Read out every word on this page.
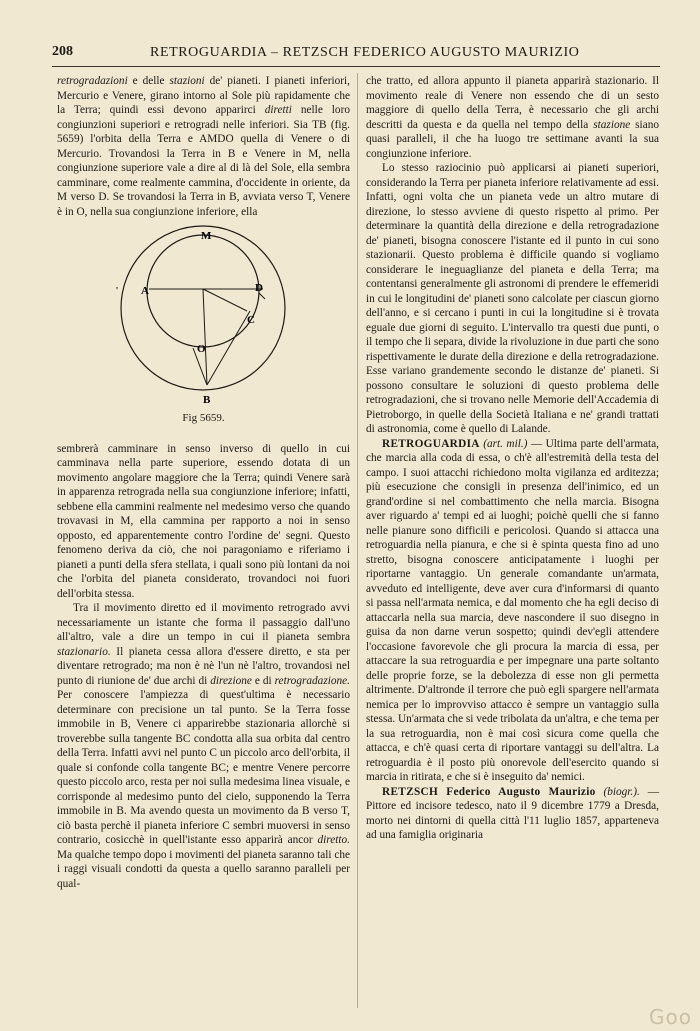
208	RETROGUARDIA – RETZSCH FEDERICO AUGUSTO MAURIZIO

retrogradazioni e delle stazioni de' pianeti. I pianeti inferiori, Mercurio e Venere, girano intorno al Sole più rapidamente che la Terra; quindi essi devono apparirci diretti nelle loro congiunzioni superiori e retrogradi nelle inferiori. Sia TB (fig. 5659) l'orbita della Terra e AMDO quella di Venere o di Mercurio. Trovandosi la Terra in B e Venere in M, nella congiunzione superiore vale a dire al di là del Sole, ella sembra camminare, come realmente cammina, d'occidente in oriente, da M verso D. Se trovandosi la Terra in B, avviata verso T, Venere è in O, nella sua congiunzione inferiore, ella

M
A	D
C
O
B
'
Fig 5659.

sembrerà camminare in senso inverso di quello in cui camminava nella parte superiore, essendo dotata di un movimento angolare maggiore che la Terra; quindi Venere sarà in apparenza retrograda nella sua congiunzione inferiore; infatti, sebbene ella cammini realmente nel medesimo verso che quando trovavasi in M, ella cammina per rapporto a noi in senso opposto, ed apparentemente contro l'ordine de' segni. Questo fenomeno deriva da ciò, che noi paragoniamo e riferiamo i pianeti a punti della sfera stellata, i quali sono più lontani da noi che l'orbita del pianeta considerato, trovandoci noi fuori dell'orbita stessa.

Tra il movimento diretto ed il movimento retrogrado avvi necessariamente un istante che forma il passaggio dall'uno all'altro, vale a dire un tempo in cui il pianeta sembra stazionario. Il pianeta cessa allora d'essere diretto, e sta per diventare retrogrado; ma non è nè l'un nè l'altro, trovandosi nel punto di riunione de' due archi di direzione e di retrogradazione. Per conoscere l'ampiezza di quest'ultima è necessario determinare con precisione un tal punto. Se la Terra fosse immobile in B, Venere ci apparirebbe stazionaria allorchè si troverebbe sulla tangente BC condotta alla sua orbita dal centro della Terra. Infatti avvi nel punto C un piccolo arco dell'orbita, il quale si confonde colla tangente BC; e mentre Venere percorre questo piccolo arco, resta per noi sulla medesima linea visuale, e corrisponde al medesimo punto del cielo, supponendo la Terra immobile in B. Ma avendo questa un movimento da B verso T, ciò basta perchè il pianeta inferiore C sembri muoversi in senso contrario, cosicchè in quell'istante esso apparirà ancor diretto. Ma qualche tempo dopo i movimenti del pianeta saranno tali che i raggi visuali condotti da questa a quello saranno paralleli per qual-

che tratto, ed allora appunto il pianeta apparirà stazionario. Il movimento reale di Venere non essendo che di un sesto maggiore di quello della Terra, è necessario che gli archi descritti da questa e da quella nel tempo della stazione siano quasi paralleli, il che ha luogo tre settimane avanti la sua congiunzione inferiore.

Lo stesso raziocinio può applicarsi ai pianeti superiori, considerando la Terra per pianeta inferiore relativamente ad essi. Infatti, ogni volta che un pianeta vede un altro mutare di direzione, lo stesso avviene di questo rispetto al primo. Per determinare la quantità della direzione e della retrogradazione de' pianeti, bisogna conoscere l'istante ed il punto in cui sono stazionarii. Questo problema è difficile quando si vogliamo considerare le ineguaglianze del pianeta e della Terra; ma contentansi generalmente gli astronomi di prendere le effemeridi in cui le longitudini de' pianeti sono calcolate per ciascun giorno dell'anno, e si cercano i punti in cui la longitudine si è trovata eguale due giorni di seguito. L'intervallo tra questi due punti, o il tempo che li separa, divide la rivoluzione in due parti che sono rispettivamente le durate della direzione e della retrogradazione. Esse variano grandemente secondo le distanze de' pianeti. Si possono consultare le soluzioni di questo problema delle retrogradazioni, che si trovano nelle Memorie dell'Accademia di Pietroborgo, in quelle della Società Italiana e ne' grandi trattati di astronomia, come è quello di Lalande.

RETROGUARDIA (art. mil.) — Ultima parte dell'armata, che marcia alla coda di essa, o ch'è all'estremità della testa del campo. I suoi attacchi richiedono molta vigilanza ed arditezza; più esecuzione che consigli in presenza dell'inimico, ed un grand'ordine si nel combattimento che nella marcia. Bisogna aver riguardo a' tempi ed ai luoghi; poichè quelli che si fanno nelle pianure sono difficili e pericolosi. Quando si attacca una retroguardia nella pianura, e che si è spinta questa fino ad uno stretto, bisogna conoscere anticipatamente i luoghi per riportarne vantaggio. Un generale comandante un'armata, avveduto ed intelligente, deve aver cura d'informarsi di quanto si passa nell'armata nemica, e dal momento che ha egli deciso di attaccarla nella sua marcia, deve nascondere il suo disegno in guisa da non darne verun sospetto; quindi dev'egli attendere l'occasione favorevole che gli procura la marcia di essa, per attaccare la sua retroguardia e per impegnare una parte soltanto delle proprie forze, se la debolezza di esse non gli permetta altrimente. D'altronde il terrore che può egli spargere nell'armata nemica per lo improvviso attacco è sempre un vantaggio sulla stessa. Un'armata che si vede tribolata da un'altra, e che tema per la sua retroguardia, non è mai così sicura come quella che attacca, e ch'è quasi certa di riportare vantaggi su dell'altra. La retroguardia è il posto più onorevole dell'esercito quando si marcia in ritirata, e che si è inseguito da' nemici.

RETZSCH Federico Augusto Maurizio (biogr.). — Pittore ed incisore tedesco, nato il 9 dicembre 1779 a Dresda, morto nei dintorni di quella città l'11 luglio 1857, apparteneva ad una famiglia originaria

Goo
